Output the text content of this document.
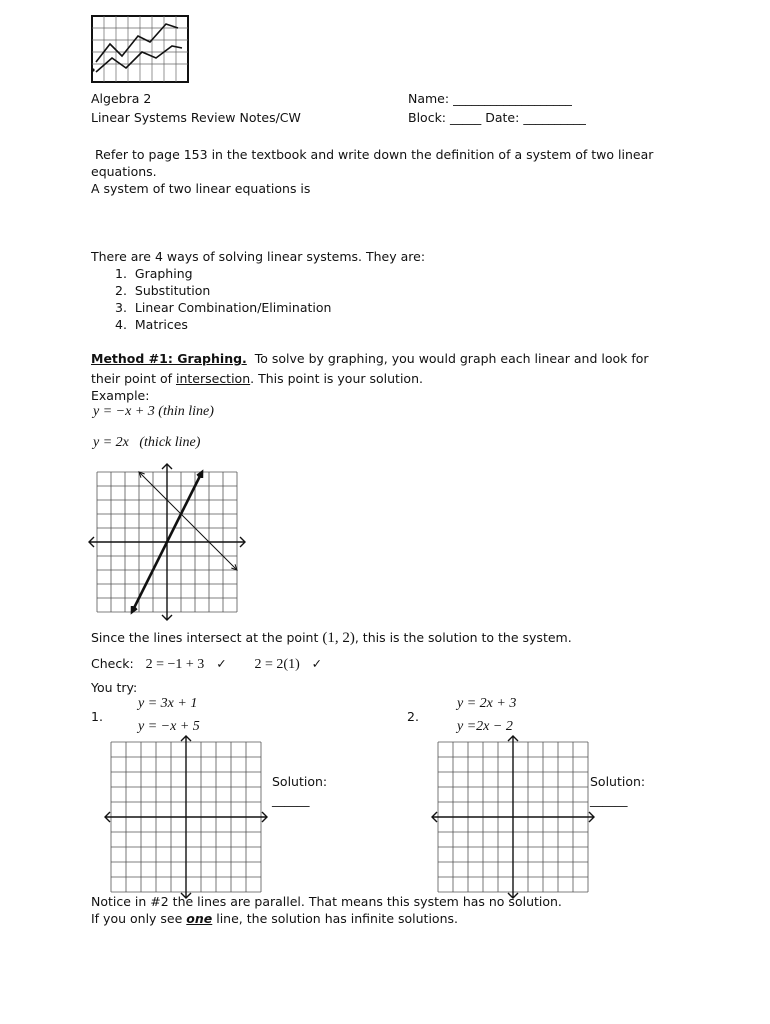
Algebra 2
Linear Systems Review Notes/CW
Name: ___________________
Block: _____ Date: __________
Refer to page 153 in the textbook and write down the definition of a system of two linear
equations.
A system of two linear equations is
There are 4 ways of solving linear systems. They are:
1. Graphing
2. Substitution
3. Linear Combination/Elimination
4. Matrices
Method #1: Graphing. To solve by graphing, you would graph each linear and look for
their point of intersection. This point is your solution.
Example:
y = −x + 3 (thin line)
y = 2x (thick line)
Since the lines intersect at the point (1, 2), this is the solution to the system.
Check: 2 = −1 + 3 ✓ 2 = 2(1) ✓
You try:
1.
y = 3x + 1
y = −x + 5
Solution:
______
2.
y = 2x + 3
y =2x − 2
Solution:
______
Notice in #2 the lines are parallel. That means this system has no solution.
If you only see one line, the solution has infinite solutions.
